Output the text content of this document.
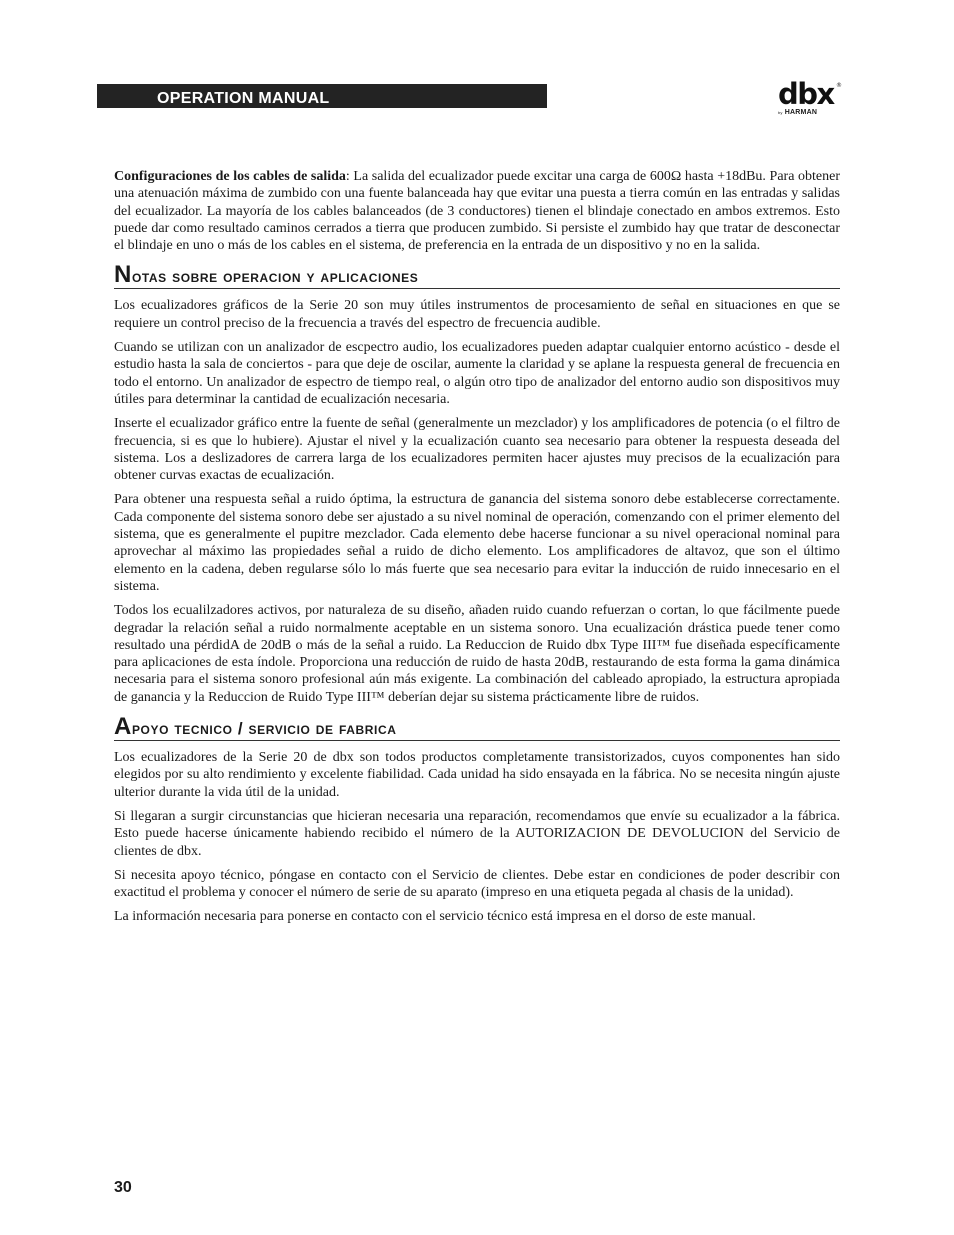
OPERATION MANUAL	dbx ®
by HARMAN

Configuraciones de los cables de salida: La salida del ecualizador puede excitar una carga de 600Ω hasta +18dBu. Para obtener una atenuación máxima de zumbido con una fuente balanceada hay que evitar una puesta a tierra común en las entradas y salidas del ecualizador. La mayoría de los cables balanceados (de 3 conductores) tienen el blindaje conectado en ambos extremos. Esto puede dar como resultado caminos cerrados a tierra que producen zumbido. Si persiste el zumbido hay que tratar de desconectar el blindaje en uno o más de los cables en el sistema, de preferencia en la entrada de un dispositivo y no en la salida.

Notas sobre operacion y aplicaciones

Los ecualizadores gráficos de la Serie 20 son muy útiles instrumentos de procesamiento de señal en situaciones en que se requiere un control preciso de la frecuencia a través del espectro de frecuencia audible.

Cuando se utilizan con un analizador de escpectro audio, los ecualizadores pueden adaptar cualquier entorno acústico - desde el estudio hasta la sala de conciertos - para que deje de oscilar, aumente la claridad y se aplane la respuesta general de frecuencia en todo el entorno. Un analizador de espectro de tiempo real, o algún otro tipo de analizador del entorno audio son dispositivos muy útiles para determinar la cantidad de ecualización necesaria.

Inserte el ecualizador gráfico entre la fuente de señal (generalmente un mezclador) y los amplificadores de potencia (o el filtro de frecuencia, si es que lo hubiere). Ajustar el nivel y la ecualización cuanto sea necesario para obtener la respuesta deseada del sistema. Los a deslizadores de carrera larga de los ecualizadores permiten hacer ajustes muy precisos de la ecualización para obtener curvas exactas de ecualización.

Para obtener una respuesta señal a ruido óptima, la estructura de ganancia del sistema sonoro debe establecerse correctamente. Cada componente del sistema sonoro debe ser ajustado a su nivel nominal de operación, comenzando con el primer elemento del sistema, que es generalmente el pupitre mezclador. Cada elemento debe hacerse funcionar a su nivel operacional nominal para aprovechar al máximo las propiedades señal a ruido de dicho elemento. Los amplificadores de altavoz, que son el último elemento en la cadena, deben regularse sólo lo más fuerte que sea necesario para evitar la inducción de ruido innecesario en el sistema.

Todos los ecualilzadores activos, por naturaleza de su diseño, añaden ruido cuando refuerzan o cortan, lo que fácilmente puede degradar la relación señal a ruido normalmente aceptable en un sistema sonoro. Una ecualización drástica puede tener como resultado una pérdidA de 20dB o más de la señal a ruido. La Reduccion de Ruido dbx Type III™ fue diseñada específicamente para aplicaciones de esta índole. Proporciona una reducción de ruido de hasta 20dB, restaurando de esta forma la gama dinámica necesaria para el sistema sonoro profesional aún más exigente. La combinación del cableado apropiado, la estructura apropiada de ganancia y la Reduccion de Ruido Type III™ deberían dejar su sistema prácticamente libre de ruidos.

Apoyo tecnico / servicio de fabrica

Los ecualizadores de la Serie 20 de dbx son todos productos completamente transistorizados, cuyos componentes han sido elegidos por su alto rendimiento y excelente fiabilidad. Cada unidad ha sido ensayada en la fábrica. No se necesita ningún ajuste ulterior durante la vida útil de la unidad.

Si llegaran a surgir circunstancias que hicieran necesaria una reparación, recomendamos que envíe su ecualizador a la fábrica. Esto puede hacerse únicamente habiendo recibido el número de la AUTORIZACION DE DEVOLUCION del Servicio de clientes de dbx.

Si necesita apoyo técnico, póngase en contacto con el Servicio de clientes. Debe estar en condiciones de poder describir con exactitud el problema y conocer el número de serie de su aparato (impreso en una etiqueta pegada al chasis de la unidad).

La información necesaria para ponerse en contacto con el servicio técnico está impresa en el dorso de este manual.

30
